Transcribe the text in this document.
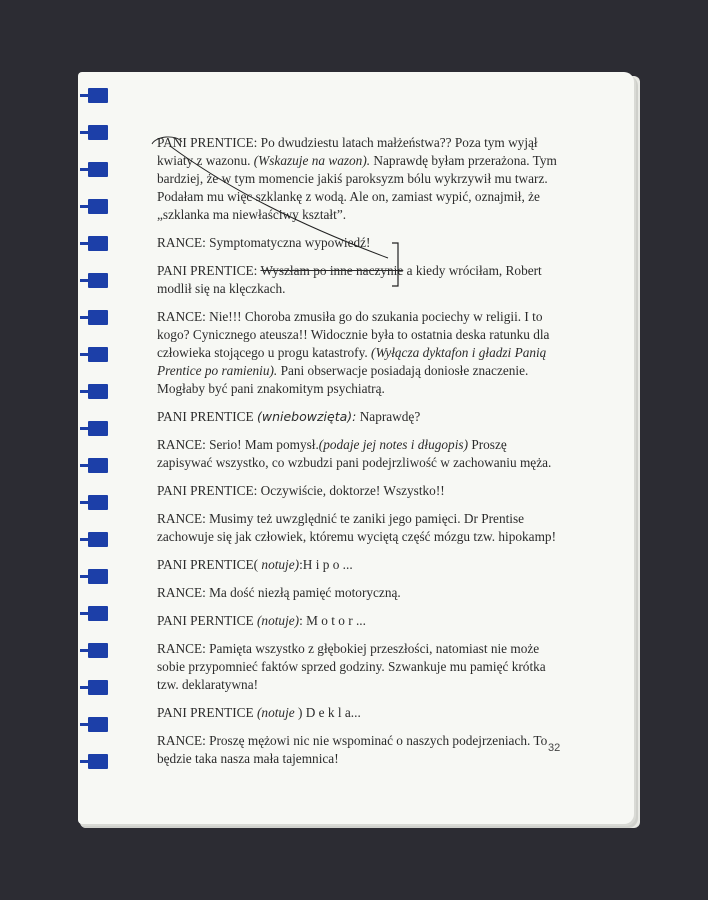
PANI PRENTICE: Po dwudziestu latach małżeństwa?? Poza tym wyjął kwiaty z wazonu. (Wskazuje na wazon). Naprawdę byłam przerażona. Tym bardziej, że w tym momencie jakiś paroksyzm bólu wykrzywił mu twarz. Podałam mu więc szklankę z wodą. Ale on, zamiast wypić, oznajmił, że „szklanka ma niewłaściwy kształt”.

RANCE: Symptomatyczna wypowiedź!

PANI PRENTICE: Wyszłam po inne naczynie a kiedy wróciłam, Robert modlił się na klęczkach.

RANCE: Nie!!! Choroba zmusiła go do szukania pociechy w religii. I to kogo? Cynicznego ateusza!! Widocznie była to ostatnia deska ratunku dla człowieka stojącego u progu katastrofy. (Wyłącza dyktafon i gładzi Panią Prentice po ramieniu). Pani obserwacje posiadają doniosłe znaczenie. Mogłaby być pani znakomitym psychiatrą.

PANI PRENTICE (wniebowzięta): Naprawdę?

RANCE: Serio! Mam pomysł.(podaje jej notes i długopis) Proszę zapisywać wszystko, co wzbudzi pani podejrzliwość w zachowaniu męża.

PANI PRENTICE: Oczywiście, doktorze! Wszystko!!

RANCE: Musimy też uwzględnić te zaniki jego pamięci. Dr Prentise zachowuje się jak człowiek, któremu wyciętą część mózgu tzw. hipokamp!

PANI PRENTICE( notuje):H i p o ...

RANCE: Ma dość niezłą pamięć motoryczną.

PANI PERNTICE (notuje): M o t o r ...

RANCE: Pamięta wszystko z głębokiej przeszłości, natomiast nie może sobie przypomnieć faktów sprzed godziny. Szwankuje mu pamięć krótka tzw. deklaratywna!

PANI PRENTICE (notuje ) D e k l a...

RANCE: Proszę mężowi nic nie wspominać o naszych podejrzeniach. To będzie taka nasza mała tajemnica!

32
